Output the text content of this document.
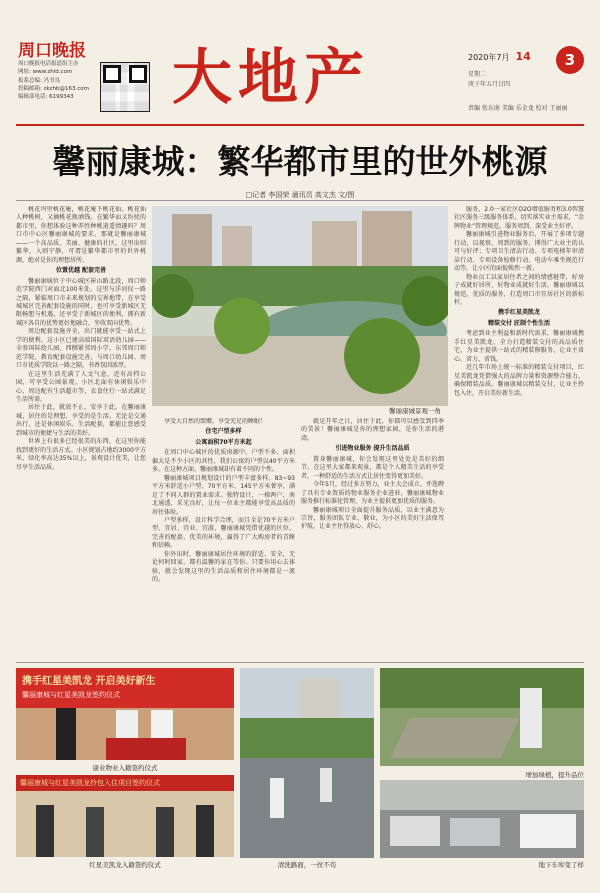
周口晚报
周口晚报电话报道组主办
网址: www.zhld.com
报系总编: 冯书良
投稿邮箱: zkzhb@163.com
编辑部电话: 6199343	大地产	2020年7月 14	3
星期二
庚子年五月廿四
责编 张东南 美编 乐金龙 校对 王丽丽
馨丽康城：繁华都市里的世外桃源
□记者 李国荣 通讯员 高文杰 文/图

桃花坞里桃花庵，桃花庵下桃花仙。桃花仙人种桃树，又摘桃花换酒钱。在繁华而又纷扰的都市里，你想体验这种养性种桃逍遥情趣吗？周口市中心区馨丽康城的要求，那就是馨丽康城——一个高品质、美丽、健康的社区。这里出则繁华，入则宁静，可谓是繁华都市里的世外桃源，绝对是你的理想居所。

位置优越 配套完善

馨丽康城位于中心城区崔山路北段，周口师范学院西门对面北100米处。这里与洋河仅一路之隔，紧临周口市未来规划的交界地带，在享受城城区完善配套设施的同时，也可享受新城区无限畅想与机遇，还享受于新城区的便利，拥有新城区各自的优势更好地融合，坐收双向优势。

周边配套设施齐全，出门就能享受一站式上学的便利。这小区已建高端国际双语幼儿园——全参国际幼儿园，西侧紧邻周小学，东邻周口师范学院，教育配套设施完善，与周口幼儿园、周口市优质学院以一路之隔，书香氛围浓厚。

在这里生活充满了人文气息，近有高档公园，可享受公园景观。小区北面有休闲娱乐中心，周边配有生活超市等，衣食住行一站式满足生活所需。

居住于此，就放不止，安享于此。在馨丽康城，居住的是理想，享受的是生活。无论是交通出行，还是休闲娱乐、生活配套，都能让您感受到城市的便捷与生活的美好。

世界上有很多已经很美的东西，在这里你能找到更好的生活方式。小区规划占地约3000平方米，绿化率高达35%以上，景观设计优美，让您尽享生活品质。

馨丽康城景观一角

享受大自然的馈赠，享受充足的睡眠！

住宅户型多样

公寓面积70平方米起

在周口中心城区的优质房源中，户型不多、面积偏大是不少小区的共性，我们公寓的户型以40平方米多。在这种方面，馨丽康城却有着不同的个性。

馨丽康城项目规划设计的户型丰富多样。83~93平方米舒适小户型、70平方米、145平方米奢享，满足了不同人群的置业需求。独特设计，一梯两户，南北通透，采光良好，让每一位业主都能享受高品质的居住体验。

户型多样，设计科学合理，而且全是70平方米户型、宜居、宜业、宜游，馨丽康城凭借优越的区位、完善的配套、优美的环境，赢得了广大购房者的青睐和信赖。

你外出时，馨丽康城居住环境的舒适、安全，无论何时回家，都有温馨的家在等你。只要你用心去体验，就会发现这里的生活品质和居住环境都是一流的。

就是开年之日，居住于此，你都可以感受到四季的美景！馨丽康城是你的理想家园，是你生活的港湾。

引进物业服务 提升生活品质

置身馨丽康城，你会发现这里处处是美好的细节。在这里大家都来观景，都是个人精美生活的享受者，一种舒适的生活方式让居住变得更加美好。

今年5月，经过多方努力，业主大会成立，并选聘了具有专业资质的物业服务企业进驻。馨丽康城物业服务推行标准化管理，为业主提供更加优质的服务。

馨丽康城项目全面提升服务品质，以业主满意为宗旨，服务团队专业、敬业，为小区的美好生活保驾护航，让业主住得放心、舒心。

服务，2.0一家社区O2O增值服务和3.0智慧社区服务三级服务体系，切实落实业主需求，“金牌物业”管理规范，服务周到，深受业主好评。

馨丽康城引进物业服务后，开展了多项专题行动，以视察、周到的服务，博得广大业主的认可与好评；专项卫生清洁行动、专项电梯年审清洁行动、专项设备检修行动、电动车乘坐规范行动等，让小区的面貌焕然一新。

物业员工以家居住者之间的情感链带，好房子成就好居所，好物业成就好生活。馨丽康城以规范、优质的服务，打造周口市宜居社区的新标杆。

携手红星美凯龙

精装交付 匠制个性生活

考虑到业主利益和新时代需求，馨丽康城携手红星美凯龙，全力打造精装交付的高品质住宅，为业主提供一站式的精装修服务，让业主省心、省力、省钱。

近几年市场上统一标准的精装交付项目，红星美凯龙凭借强大的品牌力量和资源整合能力，确保精装品质。馨丽康城以精装交付，让业主拎包入住，开启美好新生活。

携手红星美凯龙 开启美好新生
馨丽康城与红星美凯龙签约仪式
康业物业入籍签约仪式
馨丽康城与红星美凯龙拎包入住项目签约仪式
红星美凯龙入籍签约仪式	清洗路面，一丝不苟
增加绿植，提升品位
地下车库变了样
